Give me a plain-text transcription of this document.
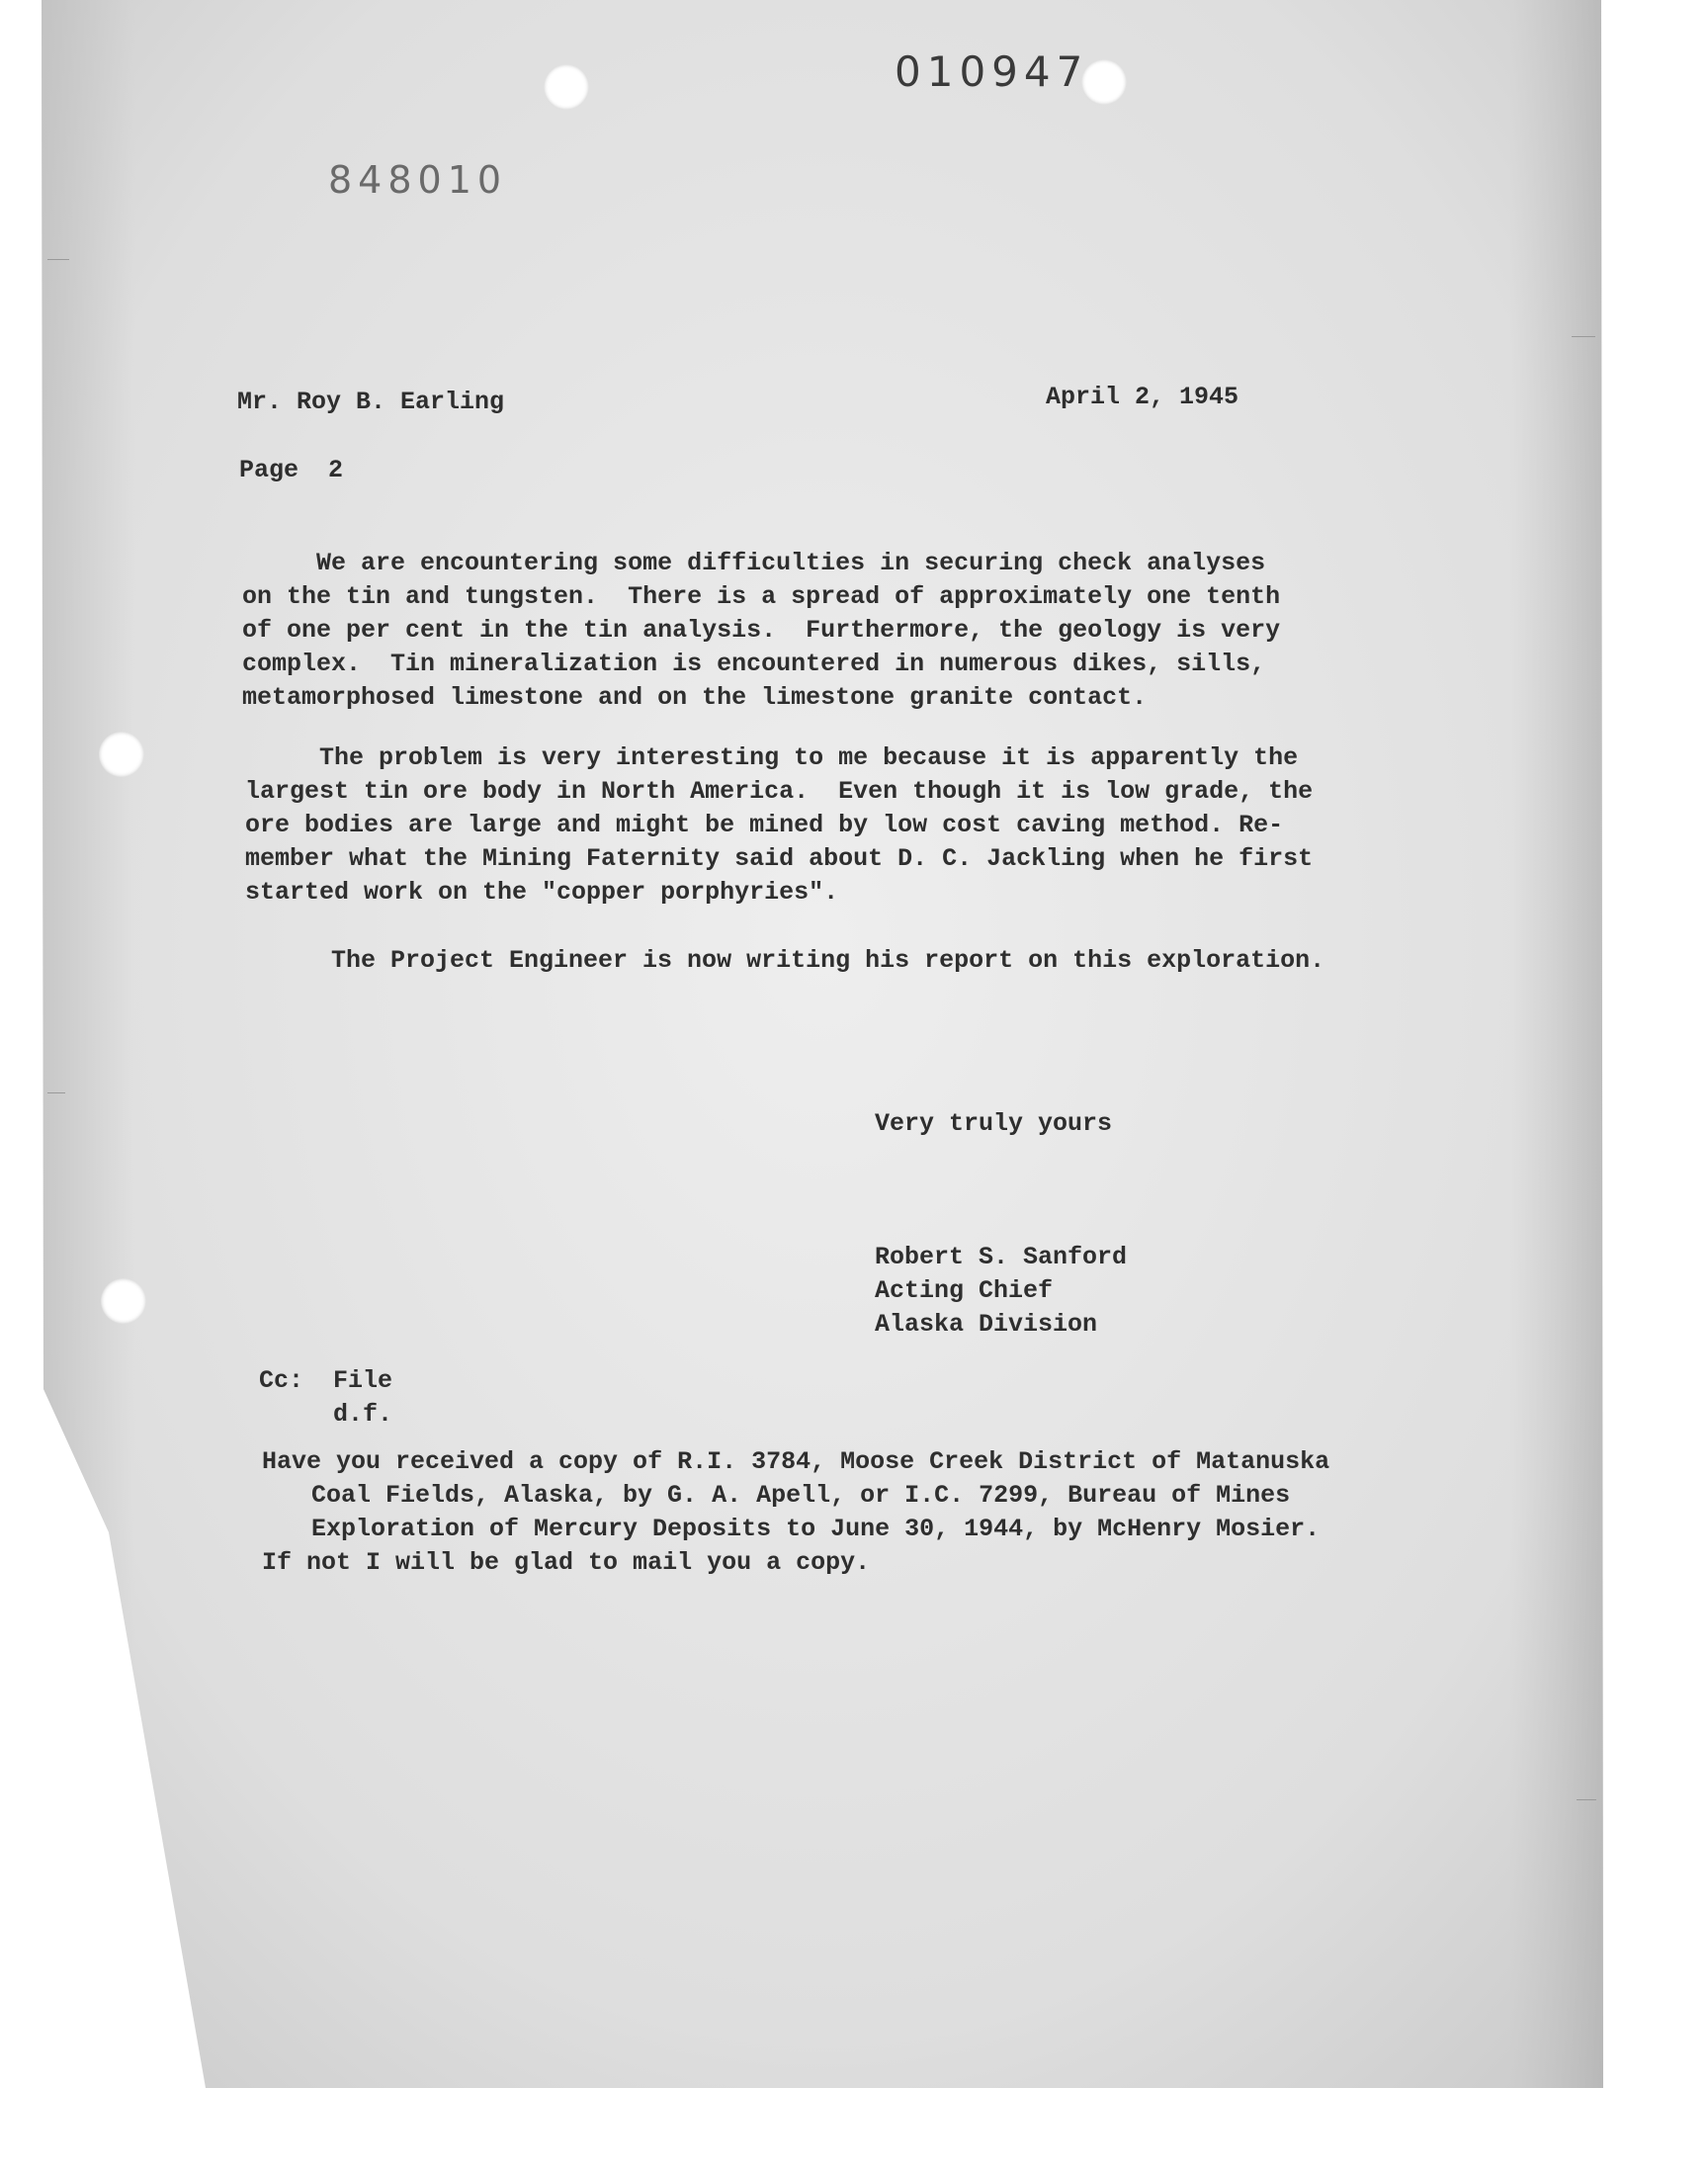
010947
848010
Mr. Roy B. Earling	April 2, 1945
Page  2
We are encountering some difficulties in securing check analyses
on the tin and tungsten.  There is a spread of approximately one tenth
of one per cent in the tin analysis.  Furthermore, the geology is very
complex.  Tin mineralization is encountered in numerous dikes, sills,
metamorphosed limestone and on the limestone granite contact.
The problem is very interesting to me because it is apparently the
largest tin ore body in North America.  Even though it is low grade, the
ore bodies are large and might be mined by low cost caving method. Re-
member what the Mining Faternity said about D. C. Jackling when he first
started work on the "copper porphyries".
The Project Engineer is now writing his report on this exploration.
Very truly yours
Robert S. Sanford
Acting Chief
Alaska Division
Cc: File
d.f.
Have you received a copy of R.I. 3784, Moose Creek District of Matanuska
Coal Fields, Alaska, by G. A. Apell, or I.C. 7299, Bureau of Mines
Exploration of Mercury Deposits to June 30, 1944, by McHenry Mosier.
If not I will be glad to mail you a copy.
